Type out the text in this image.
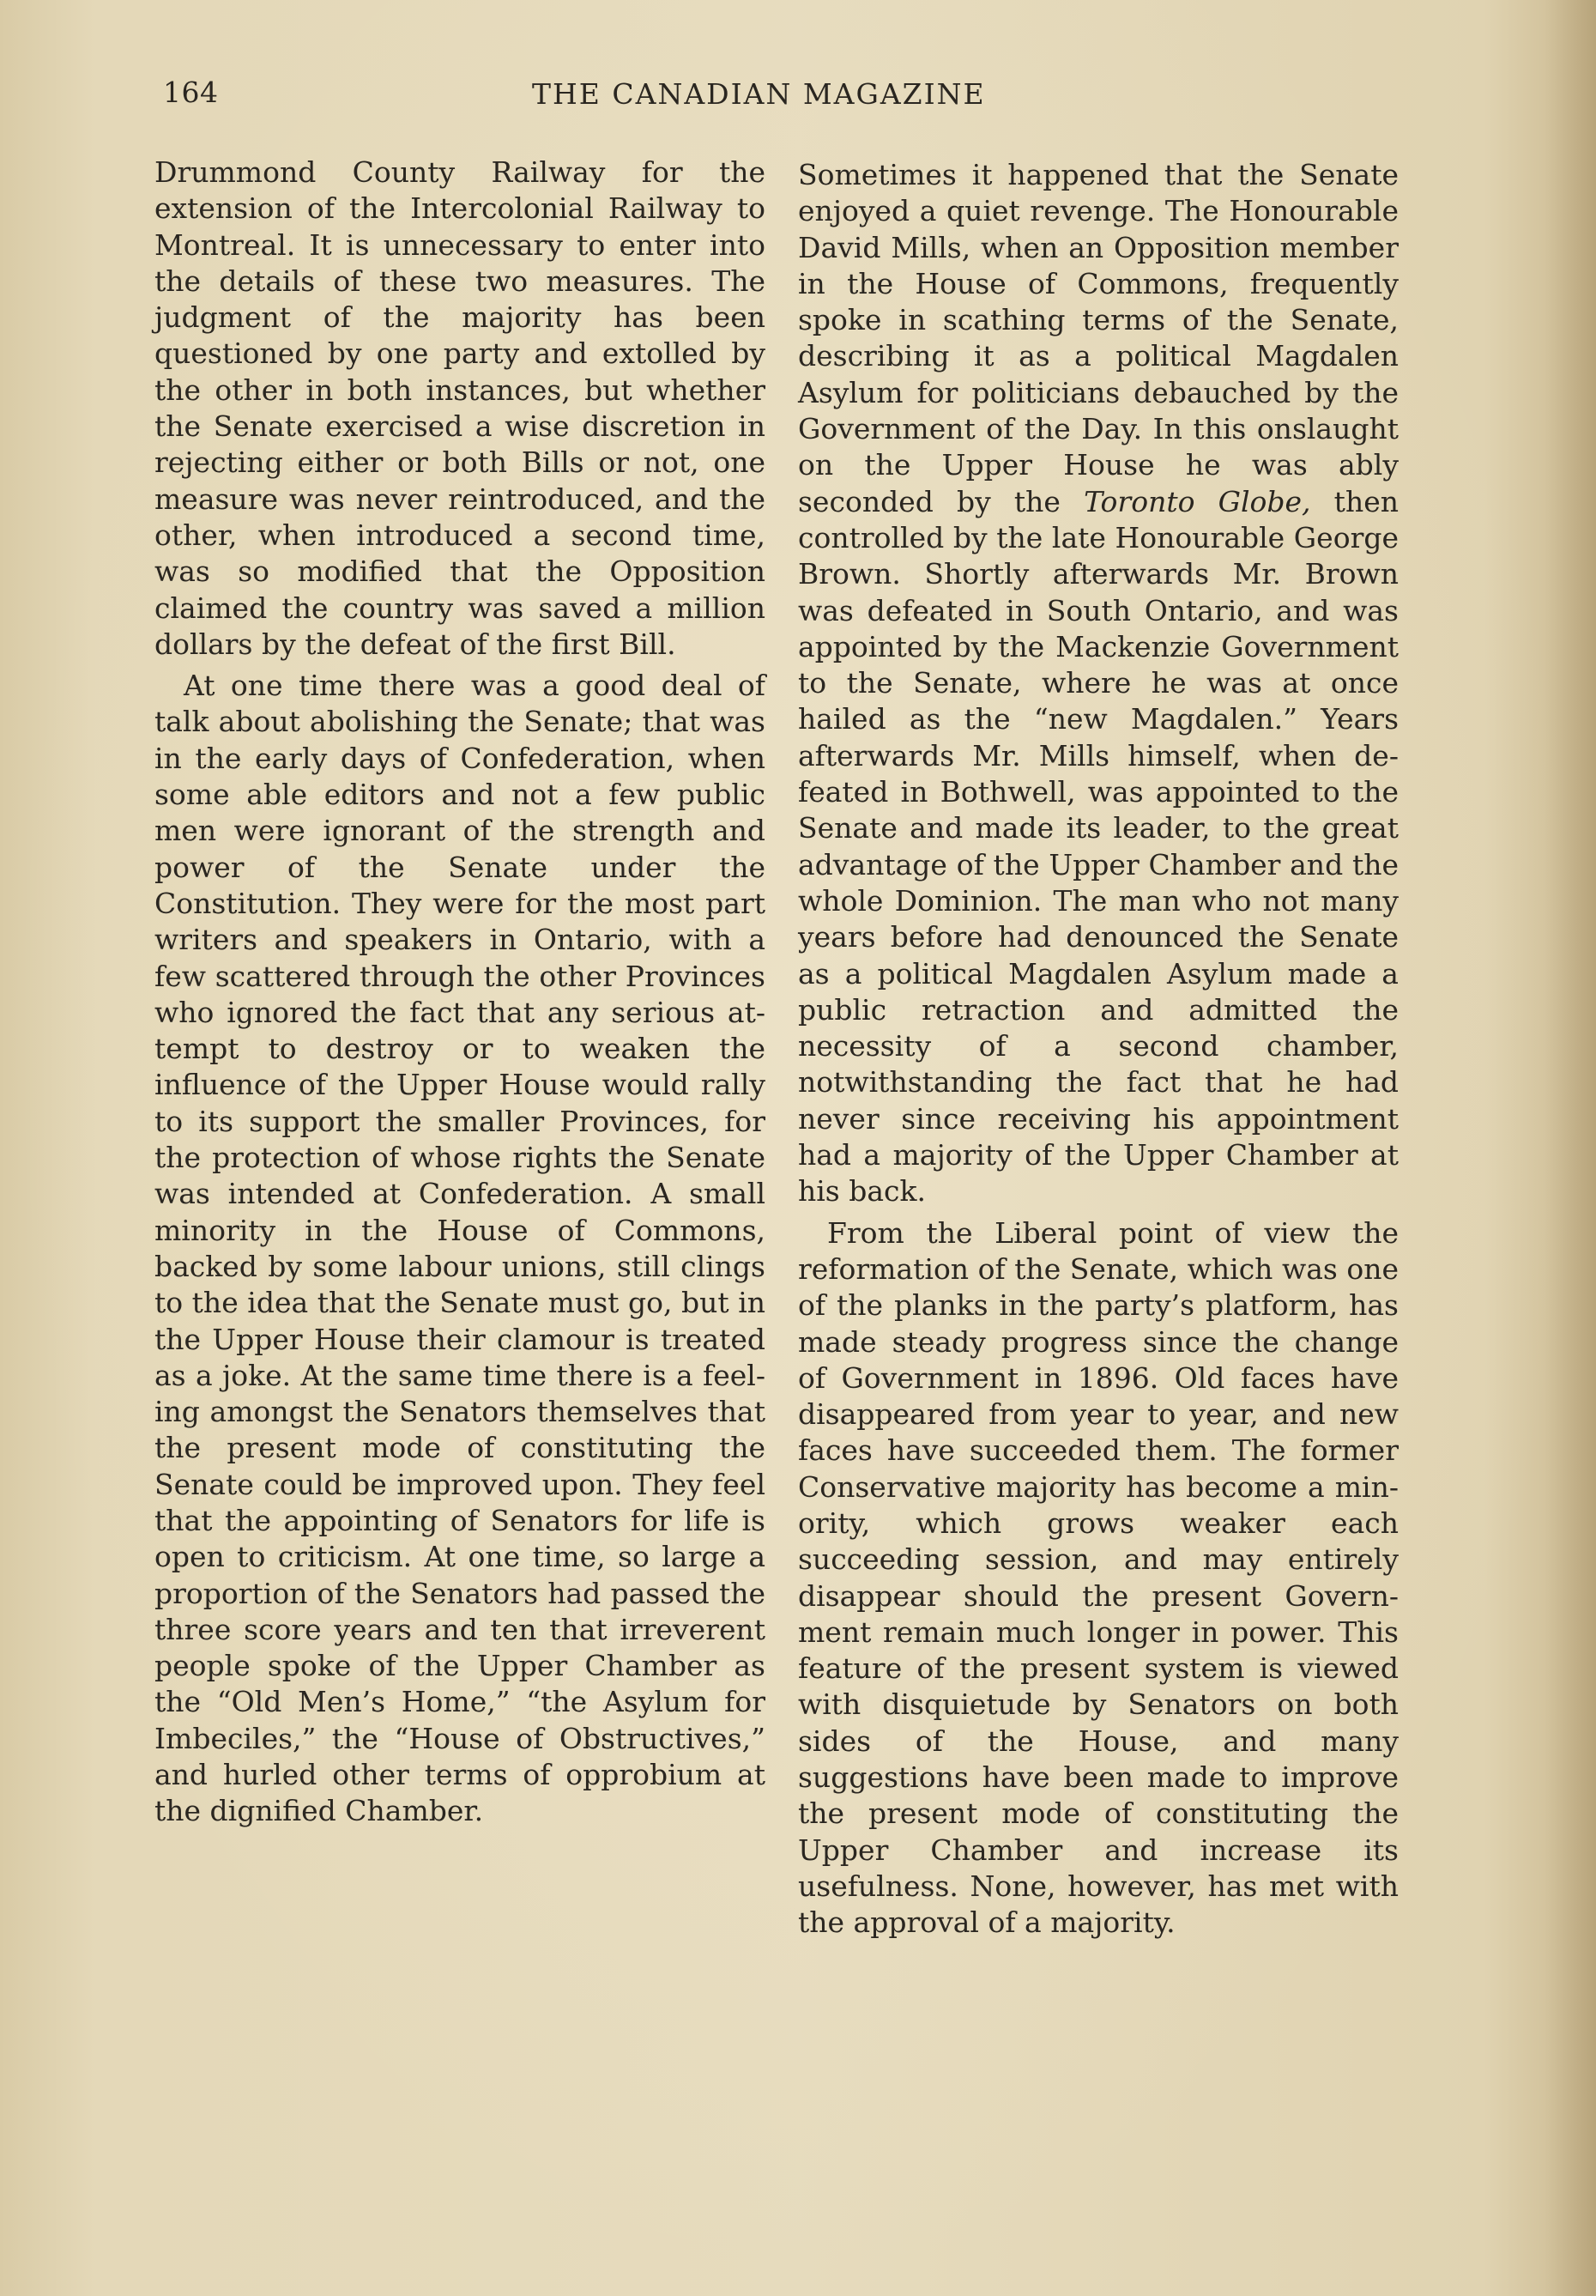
164	THE CANADIAN MAGAZINE

Drummond County Railway for the extension of the Intercolonial Railway to Montreal. It is unnecessary to enter into the details of these two measures. The judgment of the majority has been questioned by one party and extolled by the other in both instances, but whether the Senate exercised a wise discretion in rejecting either or both Bills or not, one measure was never reintroduced, and the other, when introduced a second time, was so modified that the Opposition claimed the country was saved a million dollars by the defeat of the first Bill.

At one time there was a good deal of talk about abolishing the Senate; that was in the early days of Confederation, when some able editors and not a few public men were ignorant of the strength and power of the Senate under the Constitution. They were for the most part writers and speakers in Ontario, with a few scattered through the other Provinces who ignored the fact that any serious attempt to destroy or to weaken the influence of the Upper House would rally to its support the smaller Provinces, for the protection of whose rights the Senate was intended at Confederation. A small minority in the House of Commons, backed by some labour unions, still clings to the idea that the Senate must go, but in the Upper House their clamour is treated as a joke. At the same time there is a feeling amongst the Senators themselves that the present mode of constituting the Senate could be improved upon. They feel that the appointing of Senators for life is open to criticism. At one time, so large a proportion of the Senators had passed the three score years and ten that irreverent people spoke of the Upper Chamber as the “Old Men’s Home,” “the Asylum for Imbeciles,” the “House of Obstructives,” and hurled other terms of opprobium at the dignified Chamber.

Sometimes it happened that the Senate enjoyed a quiet revenge. The Honourable David Mills, when an Opposition member in the House of Commons, frequently spoke in scathing terms of the Senate, describing it as a political Magdalen Asylum for politicians debauched by the Government of the Day. In this onslaught on the Upper House he was ably seconded by the Toronto Globe, then controlled by the late Honourable George Brown. Shortly afterwards Mr. Brown was defeated in South Ontario, and was appointed by the Mackenzie Government to the Senate, where he was at once hailed as the “new Magdalen.” Years afterwards Mr. Mills himself, when defeated in Bothwell, was appointed to the Senate and made its leader, to the great advantage of the Upper Chamber and the whole Dominion. The man who not many years before had denounced the Senate as a political Magdalen Asylum made a public retraction and admitted the necessity of a second chamber, notwithstanding the fact that he had never since receiving his appointment had a majority of the Upper Chamber at his back.

From the Liberal point of view the reformation of the Senate, which was one of the planks in the party’s platform, has made steady progress since the change of Government in 1896. Old faces have disappeared from year to year, and new faces have succeeded them. The former Conservative majority has become a minority, which grows weaker each succeeding session, and may entirely disappear should the present Government remain much longer in power. This feature of the present system is viewed with disquietude by Senators on both sides of the House, and many suggestions have been made to improve the present mode of constituting the Upper Chamber and increase its usefulness. None, however, has met with the approval of a majority.
